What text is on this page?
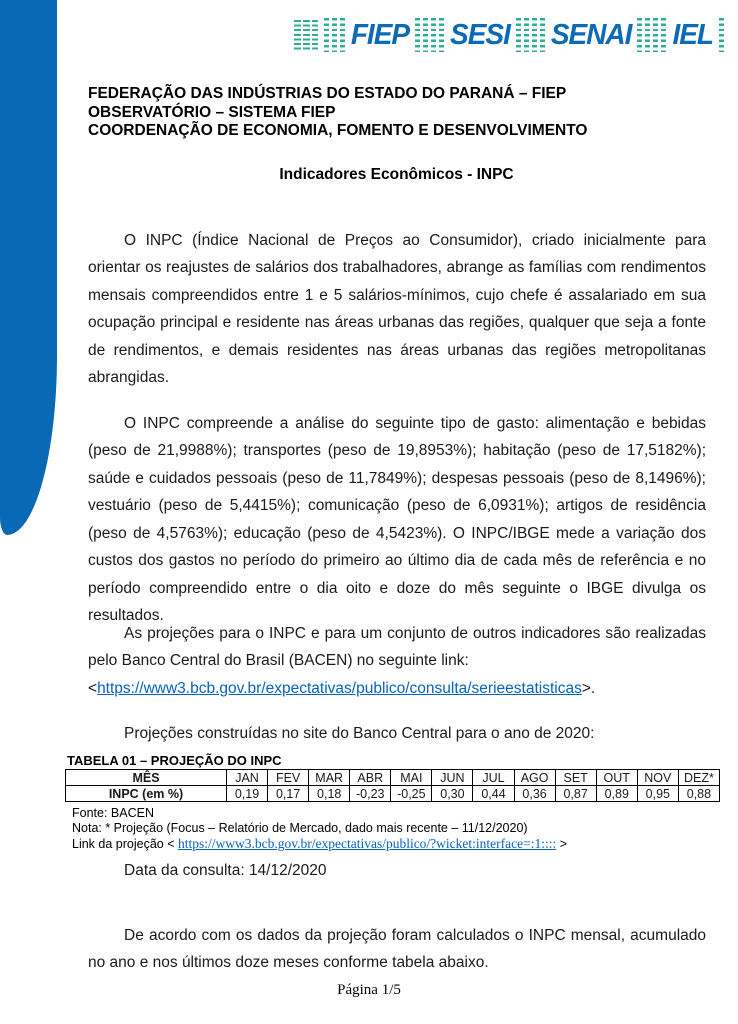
FIEP SESI SENAI IEL
FEDERAÇÃO DAS INDÚSTRIAS DO ESTADO DO PARANÁ – FIEP
OBSERVATÓRIO – SISTEMA FIEP
COORDENAÇÃO DE ECONOMIA, FOMENTO E DESENVOLVIMENTO
Indicadores Econômicos - INPC

O INPC (Índice Nacional de Preços ao Consumidor), criado inicialmente para orientar os reajustes de salários dos trabalhadores, abrange as famílias com rendimentos mensais compreendidos entre 1 e 5 salários-mínimos, cujo chefe é assalariado em sua ocupação principal e residente nas áreas urbanas das regiões, qualquer que seja a fonte de rendimentos, e demais residentes nas áreas urbanas das regiões metropolitanas abrangidas.

O INPC compreende a análise do seguinte tipo de gasto: alimentação e bebidas (peso de 21,9988%); transportes (peso de 19,8953%); habitação (peso de 17,5182%); saúde e cuidados pessoais (peso de 11,7849%); despesas pessoais (peso de 8,1496%); vestuário (peso de 5,4415%); comunicação (peso de 6,0931%); artigos de residência (peso de 4,5763%); educação (peso de 4,5423%). O INPC/IBGE mede a variação dos custos dos gastos no período do primeiro ao último dia de cada mês de referência e no período compreendido entre o dia oito e doze do mês seguinte o IBGE divulga os resultados.

As projeções para o INPC e para um conjunto de outros indicadores são realizadas pelo Banco Central do Brasil (BACEN) no seguinte link:
<https://www3.bcb.gov.br/expectativas/publico/consulta/serieestatisticas>.

Projeções construídas no site do Banco Central para o ano de 2020:

TABELA 01 – PROJEÇÃO DO INPC
MÊS	JAN	FEV	MAR	ABR	MAI	JUN	JUL	AGO	SET	OUT	NOV	DEZ*
INPC (em %)	0,19	0,17	0,18	-0,23	-0,25	0,30	0,44	0,36	0,87	0,89	0,95	0,88
Fonte: BACEN
Nota: * Projeção (Focus – Relatório de Mercado, dado mais recente – 11/12/2020)
Link da projeção < https://www3.bcb.gov.br/expectativas/publico/?wicket:interface=:1:::: >
Data da consulta: 14/12/2020

De acordo com os dados da projeção foram calculados o INPC mensal, acumulado no ano e nos últimos doze meses conforme tabela abaixo.

Página 1/5
